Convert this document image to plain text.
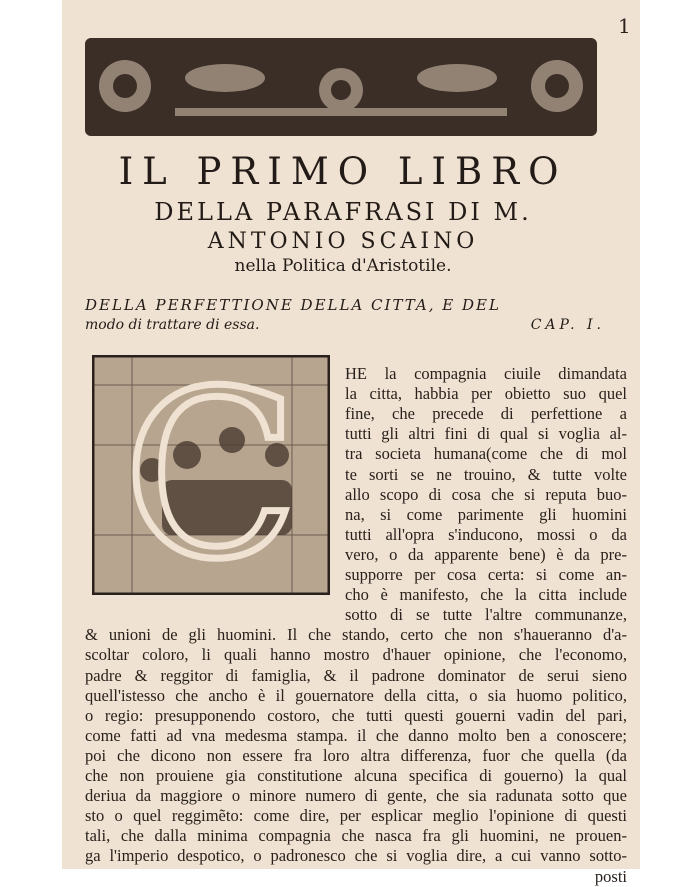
1
IL PRIMO LIBRO
DELLA PARAFRASI DI M.
ANTONIO SCAINO
nella Politica d'Aristotile.
DELLA PERFETTIONE DELLA CITTA, E DEL
modo di trattare di essa.	CAP. I.
C	HE la compagnia ciuile dimandata
la citta, habbia per obietto suo quel
fine, che precede di perfettione a
tutti gli altri fini di qual si voglia al-
tra societa humana(come che di mol
te sorti se ne trouino, & tutte volte
allo scopo di cosa che si reputa buo-
na, si come parimente gli huomini
tutti all'opra s'inducono, mossi o da
vero, o da apparente bene) è da pre-
supporre per cosa certa: si come an-
cho è manifesto, che la citta include
sotto di se tutte l'altre communanze,
& unioni de gli huomini. Il che stando, certo che non s'haueranno d'a-
scoltar coloro, li quali hanno mostro d'hauer opinione, che l'economo,
padre & reggitor di famiglia, & il padrone dominator de serui sieno
quell'istesso che ancho è il gouernatore della citta, o sia huomo politico,
o regio: presupponendo costoro, che tutti questi gouerni vadin del pari,
come fatti ad vna medesma stampa. il che danno molto ben a conoscere;
poi che dicono non essere fra loro altra differenza, fuor che quella (da
che non prouiene gia constitutione alcuna specifica di gouerno) la qual
deriua da maggiore o minore numero di gente, che sia radunata sotto que
sto o quel reggimẽto: come dire, per esplicar meglio l'opinione di questi
tali, che dalla minima compagnia che nasca fra gli huomini, ne prouen-
ga l'imperio despotico, o padronesco che si voglia dire, a cui vanno sotto-
posti
